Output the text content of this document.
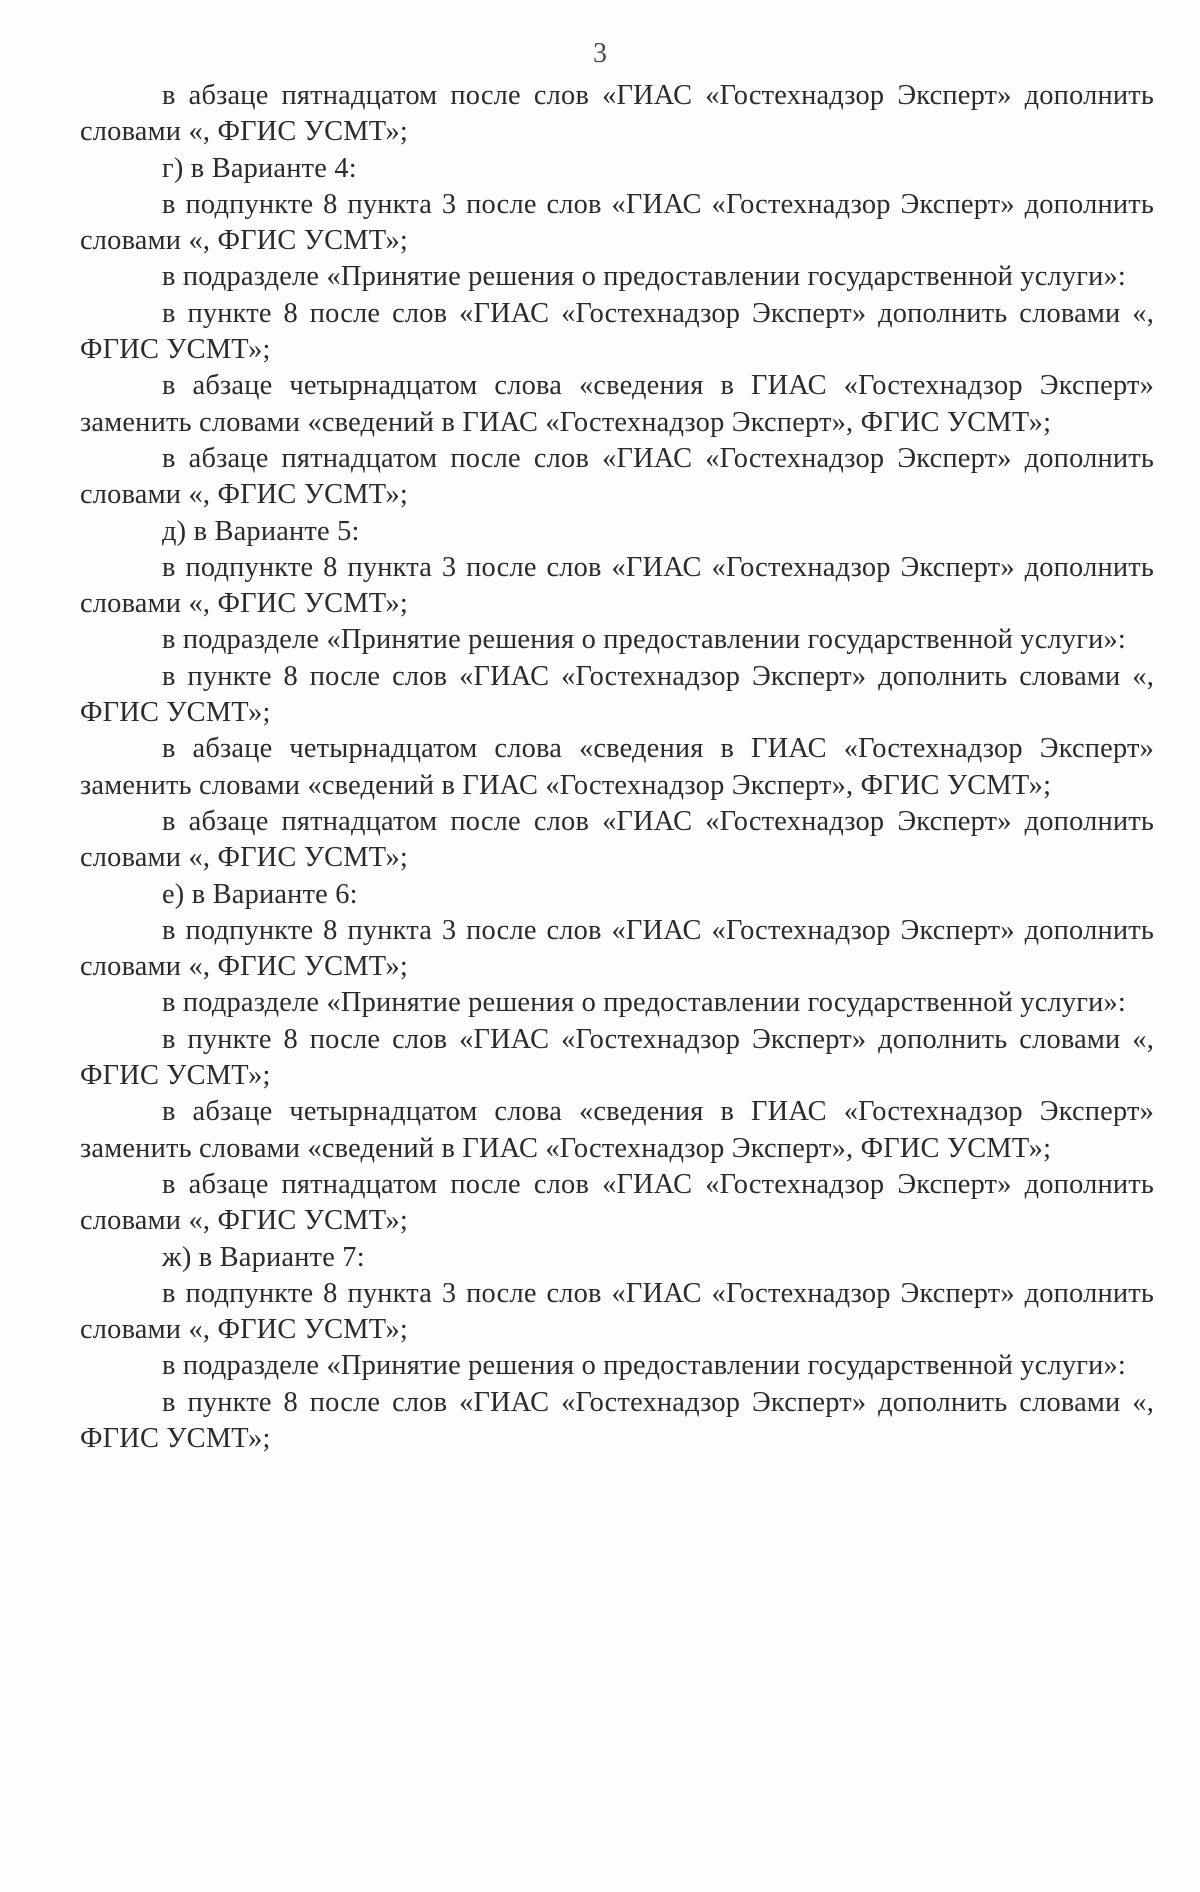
3

в абзаце пятнадцатом после слов «ГИАС «Гостехнадзор Эксперт» дополнить словами «, ФГИС УСМТ»;

г) в Варианте 4:

в подпункте 8 пункта 3 после слов «ГИАС «Гостехнадзор Эксперт» дополнить словами «, ФГИС УСМТ»;

в подразделе «Принятие решения о предоставлении государственной услуги»:

в пункте 8 после слов «ГИАС «Гостехнадзор Эксперт» дополнить словами «, ФГИС УСМТ»;

в абзаце четырнадцатом слова «сведения в ГИАС «Гостехнадзор Эксперт» заменить словами «сведений в ГИАС «Гостехнадзор Эксперт», ФГИС УСМТ»;

в абзаце пятнадцатом после слов «ГИАС «Гостехнадзор Эксперт» дополнить словами «, ФГИС УСМТ»;

д) в Варианте 5:

в подпункте 8 пункта 3 после слов «ГИАС «Гостехнадзор Эксперт» дополнить словами «, ФГИС УСМТ»;

в подразделе «Принятие решения о предоставлении государственной услуги»:

в пункте 8 после слов «ГИАС «Гостехнадзор Эксперт» дополнить словами «, ФГИС УСМТ»;

в абзаце четырнадцатом слова «сведения в ГИАС «Гостехнадзор Эксперт» заменить словами «сведений в ГИАС «Гостехнадзор Эксперт», ФГИС УСМТ»;

в абзаце пятнадцатом после слов «ГИАС «Гостехнадзор Эксперт» дополнить словами «, ФГИС УСМТ»;

е) в Варианте 6:

в подпункте 8 пункта 3 после слов «ГИАС «Гостехнадзор Эксперт» дополнить словами «, ФГИС УСМТ»;

в подразделе «Принятие решения о предоставлении государственной услуги»:

в пункте 8 после слов «ГИАС «Гостехнадзор Эксперт» дополнить словами «, ФГИС УСМТ»;

в абзаце четырнадцатом слова «сведения в ГИАС «Гостехнадзор Эксперт» заменить словами «сведений в ГИАС «Гостехнадзор Эксперт», ФГИС УСМТ»;

в абзаце пятнадцатом после слов «ГИАС «Гостехнадзор Эксперт» дополнить словами «, ФГИС УСМТ»;

ж) в Варианте 7:

в подпункте 8 пункта 3 после слов «ГИАС «Гостехнадзор Эксперт» дополнить словами «, ФГИС УСМТ»;

в подразделе «Принятие решения о предоставлении государственной услуги»:

в пункте 8 после слов «ГИАС «Гостехнадзор Эксперт» дополнить словами «, ФГИС УСМТ»;
